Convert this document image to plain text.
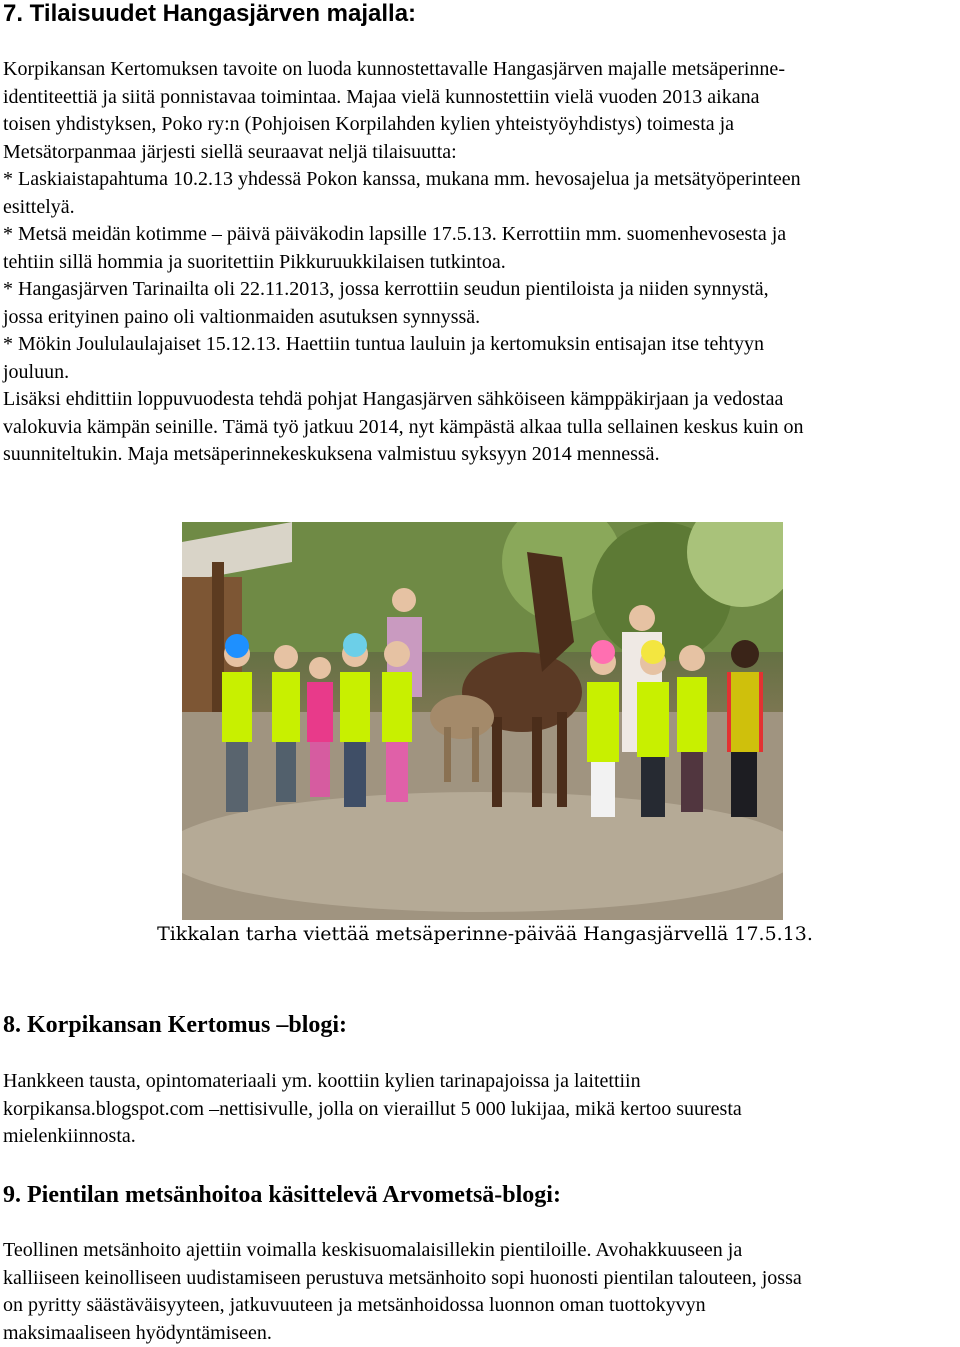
7. Tilaisuudet Hangasjärven majalla:

Korpikansan Kertomuksen tavoite on luoda kunnostettavalle Hangasjärven majalle metsäperinne-

identiteettiä ja siitä ponnistavaa toimintaa. Majaa vielä kunnostettiin vielä vuoden 2013 aikana

toisen yhdistyksen, Poko ry:n (Pohjoisen Korpilahden kylien yhteistyöyhdistys) toimesta ja

Metsätorpanmaa järjesti siellä seuraavat neljä tilaisuutta:

* Laskiaistapahtuma 10.2.13 yhdessä Pokon kanssa, mukana mm. hevosajelua ja metsätyöperinteen

esittelyä.

* Metsä meidän kotimme – päivä päiväkodin lapsille 17.5.13. Kerrottiin mm. suomenhevosesta ja

tehtiin sillä hommia ja suoritettiin Pikkuruukkilaisen tutkintoa.

* Hangasjärven Tarinailta oli 22.11.2013, jossa kerrottiin seudun pientiloista ja niiden synnystä,

jossa erityinen paino oli valtionmaiden asutuksen synnyssä.

* Mökin Joululaulajaiset 15.12.13. Haettiin tuntua lauluin ja kertomuksin entisajan itse tehtyyn

jouluun.

Lisäksi ehdittiin loppuvuodesta tehdä pohjat Hangasjärven sähköiseen kämppäkirjaan ja vedostaa

valokuvia kämpän seinille. Tämä työ jatkuu 2014, nyt kämpästä alkaa tulla sellainen keskus kuin on

suunniteltukin. Maja metsäperinnekeskuksena valmistuu syksyyn 2014 mennessä.

Tikkalan tarha viettää metsäperinne-päivää Hangasjärvellä 17.5.13.
8. Korpikansan Kertomus –blogi:
Hankkeen tausta, opintomateriaali ym. koottiin kylien tarinapajoissa ja laitettiin
korpikansa.blogspot.com –nettisivulle, jolla on vieraillut 5 000 lukijaa, mikä kertoo suuresta
mielenkiinnosta.
9. Pientilan metsänhoitoa käsittelevä Arvometsä-blogi:
Teollinen metsänhoito ajettiin voimalla keskisuomalaisillekin pientiloille. Avohakkuuseen ja
kalliiseen keinolliseen uudistamiseen perustuva metsänhoito sopi huonosti pientilan talouteen, jossa
on pyritty säästäväisyyteen, jatkuvuuteen ja metsänhoidossa luonnon oman tuottokyvyn
maksimaaliseen hyödyntämiseen.
